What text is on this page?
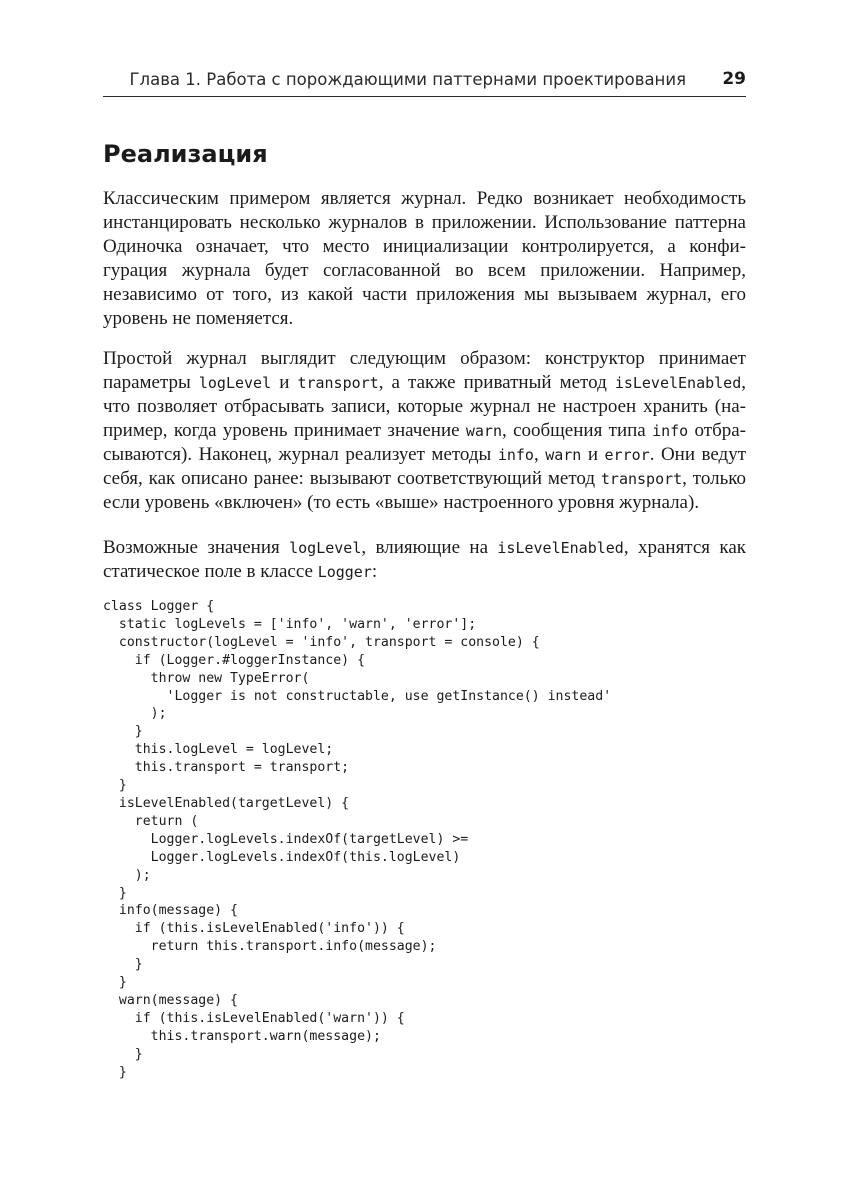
Глава 1. Работа с порождающими паттернами проектирования 29
Реализация

Классическим примером является журнал. Редко возникает необходимость
инстанцировать несколько журналов в приложении. Использование паттерна
Одиночка означает, что место инициализации контролируется, а конфи-
гурация журнала будет согласованной во всем приложении. Например,
независимо от того, из какой части приложения мы вызываем журнал, его
уровень не поменяется.

Простой журнал выглядит следующим образом: конструктор принимает
параметры logLevel и transport, а также приватный метод isLevelEnabled,
что позволяет отбрасывать записи, которые журнал не настроен хранить (на-
пример, когда уровень принимает значение warn, сообщения типа info отбра-
сываются). Наконец, журнал реализует методы info, warn и error. Они ведут
себя, как описано ранее: вызывают соответствующий метод transport, только
если уровень «включен» (то есть «выше» настроенного уровня журнала).

Возможные значения logLevel, влияющие на isLevelEnabled, хранятся как
статическое поле в классе Logger:

class Logger {
static logLevels = ['info', 'warn', 'error'];
constructor(logLevel = 'info', transport = console) {
if (Logger.#loggerInstance) {
throw new TypeError(
'Logger is not constructable, use getInstance() instead'
);
}
this.logLevel = logLevel;
this.transport = transport;
}
isLevelEnabled(targetLevel) {
return (
Logger.logLevels.indexOf(targetLevel) >=
Logger.logLevels.indexOf(this.logLevel)
);
}
info(message) {
if (this.isLevelEnabled('info')) {
return this.transport.info(message);
}
}
warn(message) {
if (this.isLevelEnabled('warn')) {
this.transport.warn(message);
}
}
